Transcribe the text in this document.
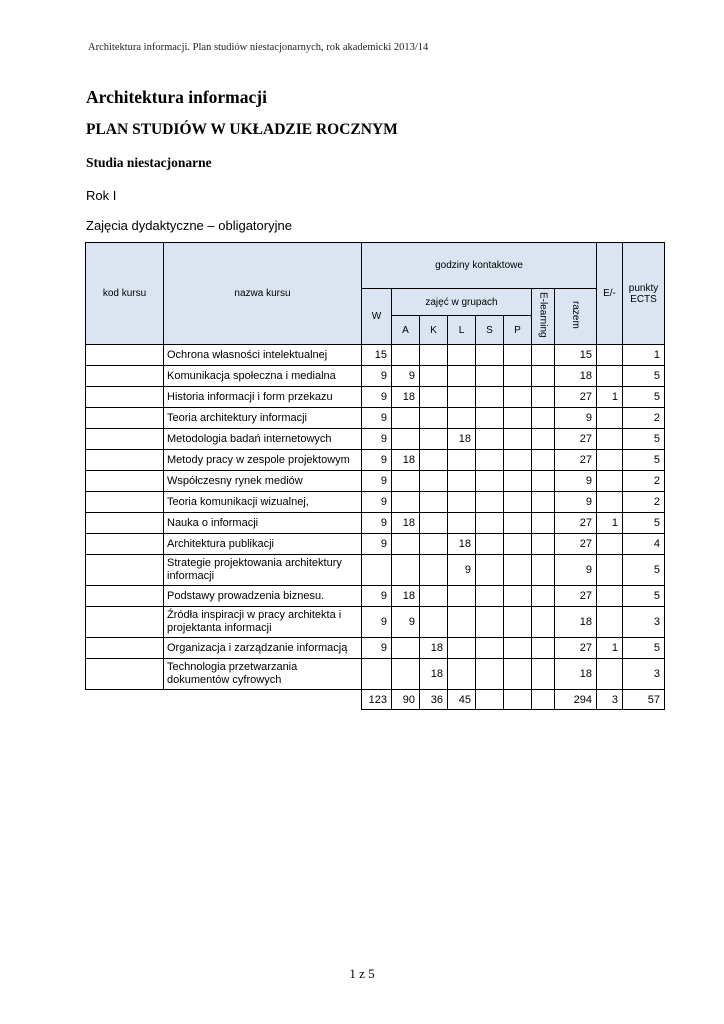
Architektura informacji. Plan studiów niestacjonarnych, rok akademicki 2013/14
Architektura informacji
PLAN STUDIÓW W UKŁADZIE ROCZNYM
Studia niestacjonarne
Rok I
Zajęcia dydaktyczne – obligatoryjne
kod kursu	nazwa kursu	godziny kontaktowe								E/-	punkty ECTS
		W	zajęć w grupach					E-learning	razem		
			A	K	L	S	P				
	Ochrona własności intelektualnej	15							15		1
	Komunikacja społeczna i medialna	9	9						18		5
	Historia informacji i form przekazu	9	18						27	1	5
	Teoria architektury informacji	9							9		2
	Metodologia badań internetowych	9			18				27		5
	Metody pracy w zespole projektowym	9	18						27		5
	Współczesny rynek mediów	9							9		2
	Teoria komunikacji wizualnej,	9							9		2
	Nauka o informacji	9	18						27	1	5
	Architektura publikacji	9			18				27		4
	Strategie projektowania architektury informacji				9				9		5
	Podstawy prowadzenia biznesu.	9	18						27		5
	Źródła inspiracji w pracy architekta i projektanta informacji	9	9						18		3
	Organizacja i zarządzanie informacją	9		18					27	1	5
	Technologia przetwarzania dokumentów cyfrowych			18					18		3
		123	90	36	45				294	3	57
1 z 5
